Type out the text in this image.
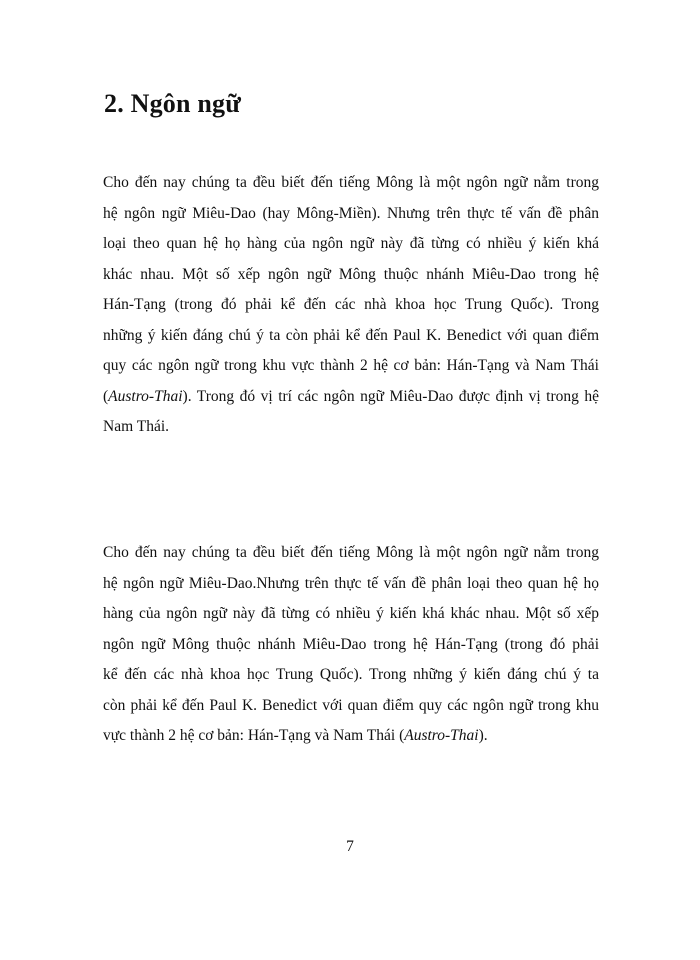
2. Ngôn ngữ
Cho đến nay chúng ta đều biết đến tiếng Mông là một ngôn ngữ nằm trong
hệ ngôn ngữ Miêu-Dao (hay Mông-Miền). Nhưng trên thực tế vấn đề phân
loại theo quan hệ họ hàng của ngôn ngữ này đã từng có nhiều ý kiến khá
khác nhau. Một số xếp ngôn ngữ Mông thuộc nhánh Miêu-Dao trong hệ
Hán-Tạng (trong đó phải kể đến các nhà khoa học Trung Quốc). Trong
những ý kiến đáng chú ý ta còn phải kể đến Paul K. Benedict với quan điểm
quy các ngôn ngữ trong khu vực thành 2 hệ cơ bản: Hán-Tạng và Nam Thái
(Austro-Thai). Trong đó vị trí các ngôn ngữ Miêu-Dao được định vị trong hệ
Nam Thái.
Cho đến nay chúng ta đều biết đến tiếng Mông là một ngôn ngữ nằm trong
hệ ngôn ngữ Miêu-Dao.Nhưng trên thực tế vấn đề phân loại theo quan hệ họ
hàng của ngôn ngữ này đã từng có nhiều ý kiến khá khác nhau. Một số xếp
ngôn ngữ Mông thuộc nhánh Miêu-Dao trong hệ Hán-Tạng (trong đó phải
kể đến các nhà khoa học Trung Quốc). Trong những ý kiến đáng chú ý ta
còn phải kể đến Paul K. Benedict với quan điểm quy các ngôn ngữ trong khu
vực thành 2 hệ cơ bản: Hán-Tạng và Nam Thái (Austro-Thai).

7
